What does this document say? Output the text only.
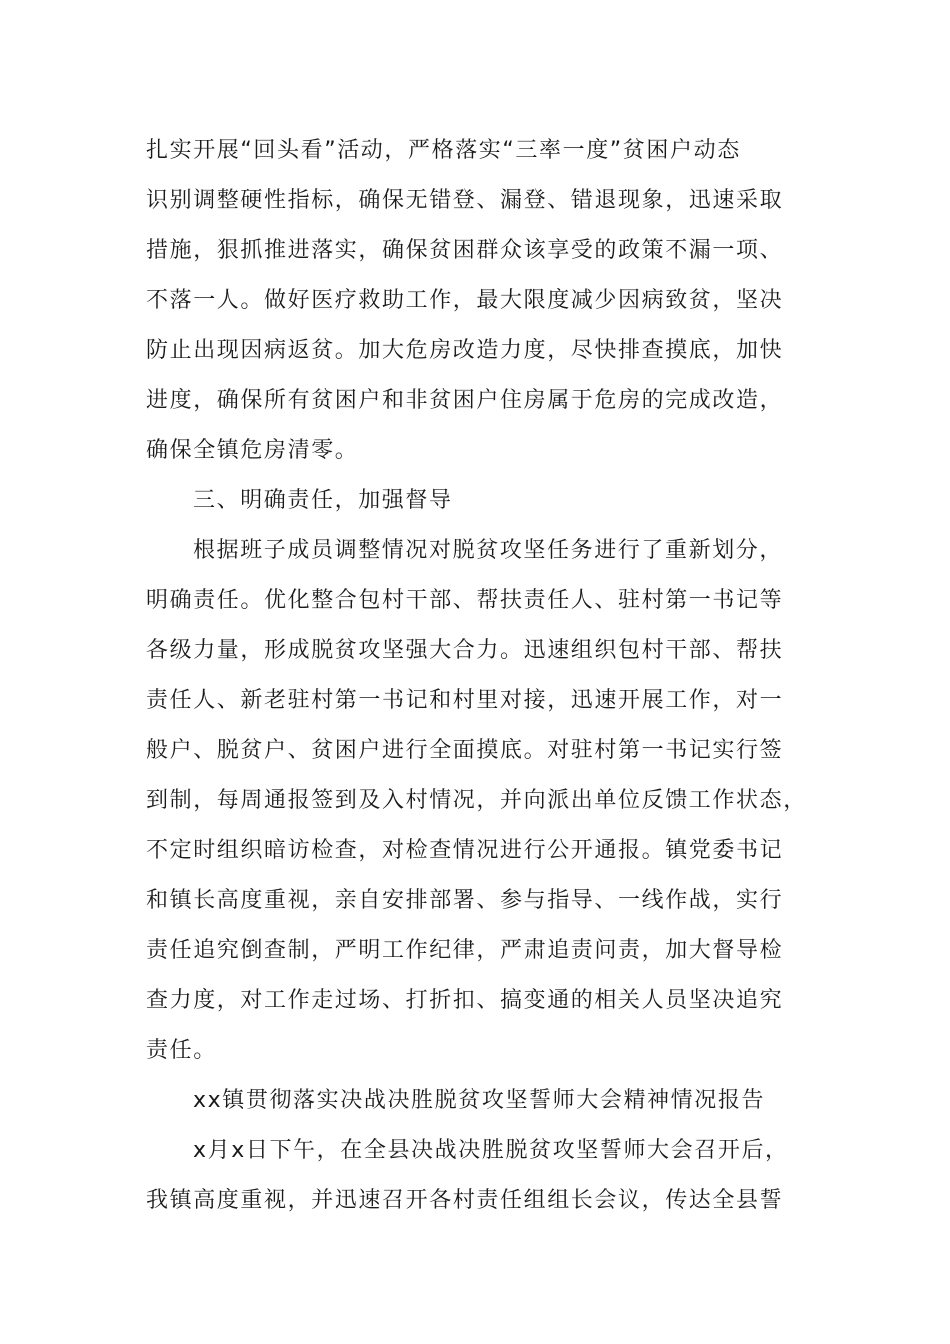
扎实开展“回头看”活动，严格落实“三率一度”贫困户动态
识别调整硬性指标，确保无错登、漏登、错退现象，迅速采取
措施，狠抓推进落实，确保贫困群众该享受的政策不漏一项、
不落一人。做好医疗救助工作，最大限度减少因病致贫，坚决
防止出现因病返贫。加大危房改造力度，尽快排查摸底，加快
进度，确保所有贫困户和非贫困户住房属于危房的完成改造，
确保全镇危房清零。
三、明确责任，加强督导
根据班子成员调整情况对脱贫攻坚任务进行了重新划分，
明确责任。优化整合包村干部、帮扶责任人、驻村第一书记等
各级力量，形成脱贫攻坚强大合力。迅速组织包村干部、帮扶
责任人、新老驻村第一书记和村里对接，迅速开展工作，对一
般户、脱贫户、贫困户进行全面摸底。对驻村第一书记实行签
到制，每周通报签到及入村情况，并向派出单位反馈工作状态，
不定时组织暗访检查，对检查情况进行公开通报。镇党委书记
和镇长高度重视，亲自安排部署、参与指导、一线作战，实行
责任追究倒查制，严明工作纪律，严肃追责问责，加大督导检
查力度，对工作走过场、打折扣、搞变通的相关人员坚决追究
责任。
xx镇贯彻落实决战决胜脱贫攻坚誓师大会精神情况报告
x月x日下午，在全县决战决胜脱贫攻坚誓师大会召开后，
我镇高度重视，并迅速召开各村责任组组长会议，传达全县誓
